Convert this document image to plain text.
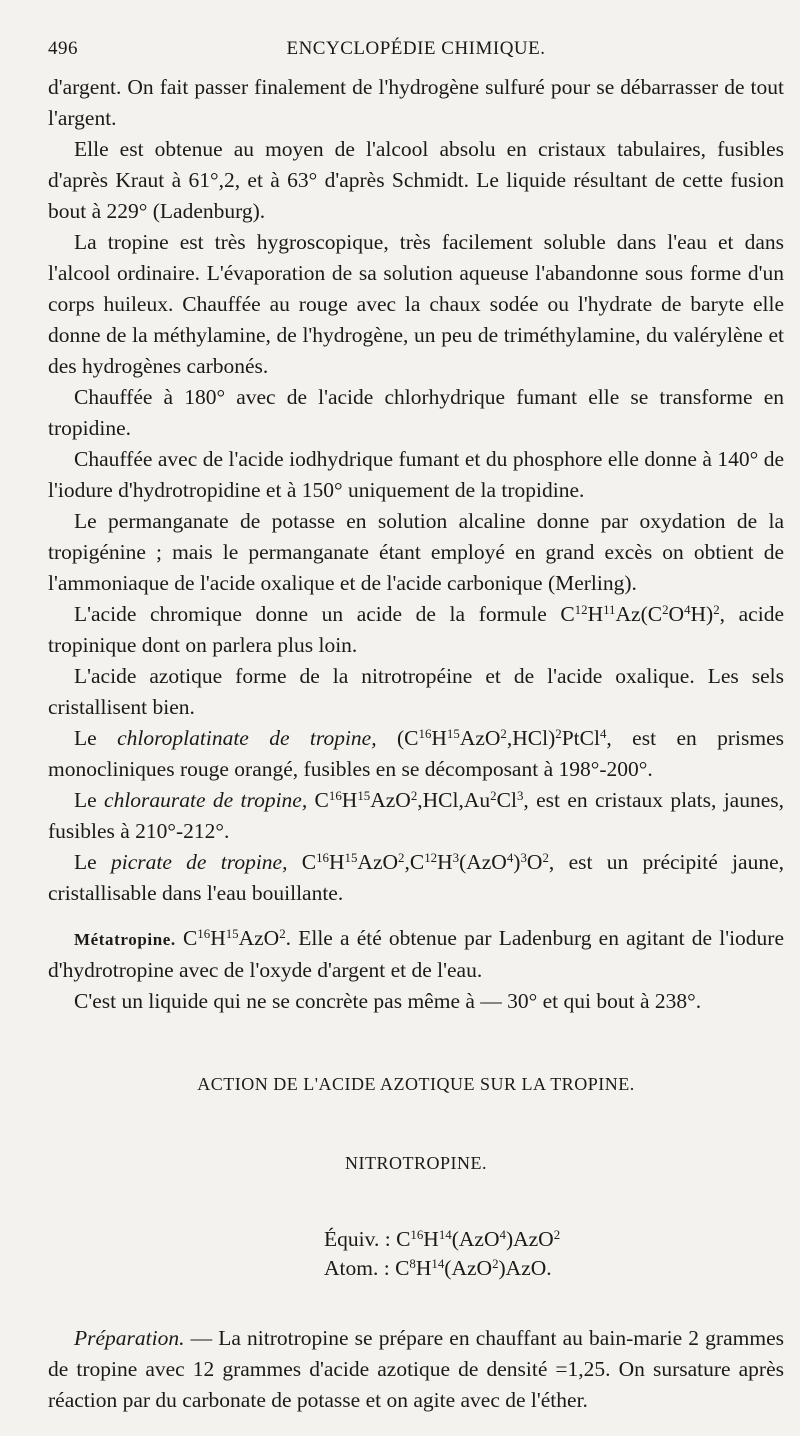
496	ENCYCLOPÉDIE CHIMIQUE.

d'argent. On fait passer finalement de l'hydrogène sulfuré pour se débarrasser de tout l'argent.

Elle est obtenue au moyen de l'alcool absolu en cristaux tabulaires, fusibles d'après Kraut à 61°,2, et à 63° d'après Schmidt. Le liquide résultant de cette fusion bout à 229° (Ladenburg).

La tropine est très hygroscopique, très facilement soluble dans l'eau et dans l'alcool ordinaire. L'évaporation de sa solution aqueuse l'abandonne sous forme d'un corps huileux. Chauffée au rouge avec la chaux sodée ou l'hydrate de baryte elle donne de la méthylamine, de l'hydrogène, un peu de triméthylamine, du valérylène et des hydrogènes carbonés.

Chauffée à 180° avec de l'acide chlorhydrique fumant elle se transforme en tropidine.

Chauffée avec de l'acide iodhydrique fumant et du phosphore elle donne à 140° de l'iodure d'hydrotropidine et à 150° uniquement de la tropidine.

Le permanganate de potasse en solution alcaline donne par oxydation de la tropigénine ; mais le permanganate étant employé en grand excès on obtient de l'ammoniaque de l'acide oxalique et de l'acide carbonique (Merling).

L'acide chromique donne un acide de la formule $C^{12}H^{11}Az(C^2O^4H)^2$, acide tropinique dont on parlera plus loin.

L'acide azotique forme de la nitrotropéine et de l'acide oxalique. Les sels cristallisent bien.

Le chloroplatinate de tropine, $(C^{16}H^{15}AzO^2,HCl)^2PtCl^4$, est en prismes monocliniques rouge orangé, fusibles en se décomposant à 198°-200°.

Le chloraurate de tropine, $C^{16}H^{15}AzO^2,HCl,Au^2Cl^3$, est en cristaux plats, jaunes, fusibles à 210°-212°.

Le picrate de tropine, $C^{16}H^{15}AzO^2,C^{12}H^3(AzO^4)^3O^2$, est un précipité jaune, cristallisable dans l'eau bouillante.

Métatropine. $C^{16}H^{15}AzO^2$. Elle a été obtenue par Ladenburg en agitant de l'iodure d'hydrotropine avec de l'oxyde d'argent et de l'eau.

C'est un liquide qui ne se concrète pas même à — 30° et qui bout à 238°.

ACTION DE L'ACIDE AZOTIQUE SUR LA TROPINE.

NITROTROPINE.

Équiv. : $C^{16}H^{14}(AzO^4)AzO^2$
Atom. : $C^8H^{14}(AzO^2)AzO$.

Préparation. — La nitrotropine se prépare en chauffant au bain-marie 2 grammes de tropine avec 12 grammes d'acide azotique de densité =1,25. On sursature après réaction par du carbonate de potasse et on agite avec de l'éther.
